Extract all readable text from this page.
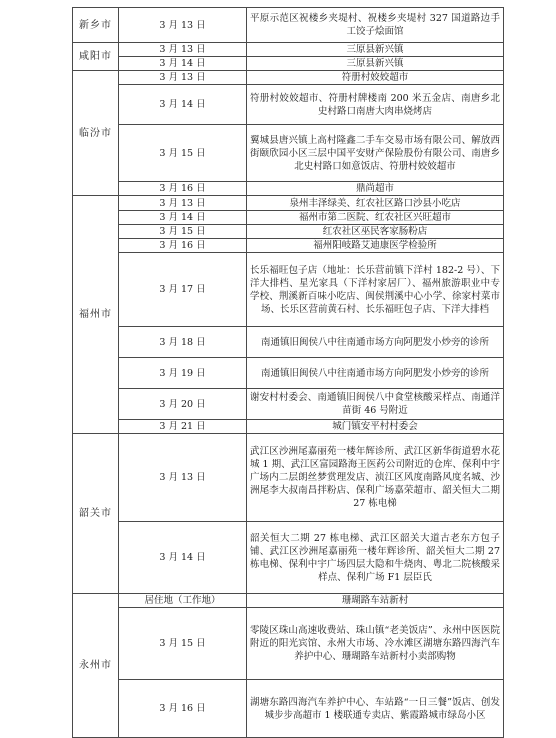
新乡市	3 月 13 日	平原示范区祝楼乡夹堤村、祝楼乡夹堤村 327 国道路边手工饺子烩面馆
咸阳市	3 月 13 日	三原县新兴镇
	3 月 14 日	三原县新兴镇
临汾市	3 月 13 日	符册村姣姣超市
	3 月 14 日	符册村姣姣超市、符册村牌楼南 200 米五金店、南唐乡北史村路口南唐大肉串烧烤店
	3 月 15 日	翼城县唐兴镇上高村隆鑫二手车交易市场有限公司、解放西街颐欣园小区三层中国平安财产保险股份有限公司、南唐乡北史村路口如意饭店、符册村姣姣超市
	3 月 16 日	鼎尚超市
福州市	3 月 13 日	泉州丰泽绿美、红农社区路口沙县小吃店
	3 月 14 日	福州市第二医院、红农社区兴旺超市
	3 月 15 日	红农社区巫民客家肠粉店
	3 月 16 日	福州阳岐路艾迪康医学检验所
	3 月 17 日	长乐福旺包子店（地址：长乐营前镇下洋村 182-2 号）、下洋大排档、星光家具（下洋村家居厂）、福州旅游职业中专学校、荆溪新百味小吃店、闽侯荆溪中心小学、徐家村菜市场、长乐区营前黄石村、长乐福旺包子店、下洋大排档
	3 月 18 日	南通镇旧闽侯八中往南通市场方向阿肥发小炒旁的诊所
	3 月 19 日	南通镇旧闽侯八中往南通市场方向阿肥发小炒旁的诊所
	3 月 20 日	谢安村村委会、南通镇旧闽侯八中食堂核酸采样点、南通洋苗街 46 号附近
	3 月 21 日	城门镇安平村村委会
韶关市	3 月 13 日	武江区沙洲尾嘉丽苑一楼年辉诊所、武江区新华街道碧水花城 1 期、武江区富园路海王医药公司附近的仓库、保利中宇广场内二层朗丝梦赏理发店、浈江区风度南路风度名城、沙洲尾李大叔南昌拌粉店、保利广场嘉荣超市、韶关恒大二期 27 栋电梯
	3 月 14 日	韶关恒大二期 27 栋电梯、武江区韶关大道古老东方包子铺、武江区沙洲尾嘉丽苑一楼年辉诊所、韶关恒大二期 27 栋电梯、保利中宇广场四层大隐和牛烧肉、粤北二院核酸采样点、保利广场 F1 层臣氏
永州市	居住地（工作地）	珊瑚路车站新村
	3 月 15 日	零陵区珠山高速收费站、珠山镇“老美饭店”、永州中医医院附近的阳光宾馆、永州大市场、冷水滩区湖塘东路四海汽车养护中心、珊瑚路车站新村小卖部购物
	3 月 16 日	湖塘东路四海汽车养护中心、车站路“一日三餐”饭店、创发城步步高超市 1 楼联通专卖店、紫霞路城市绿岛小区
